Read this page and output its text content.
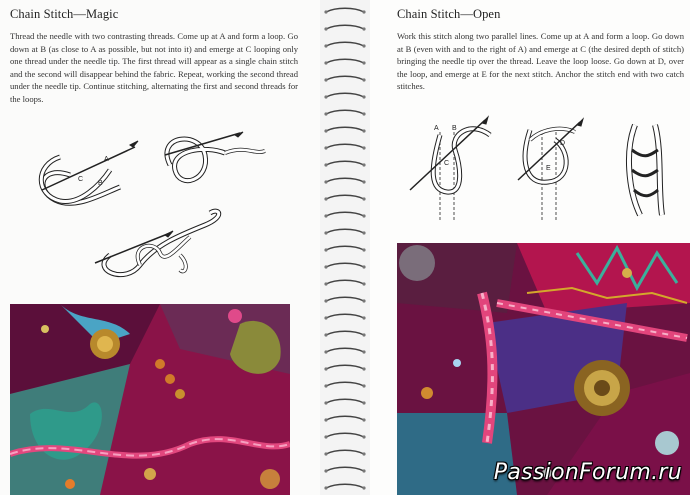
Chain Stitch—Magic
Thread the needle with two contrasting threads. Come up at A and form a loop. Go down at B (as close to A as possible, but not into it) and emerge at C looping only one thread under the needle tip. The first thread will appear as a single chain stitch and the second will disappear behind the fabric. Repeat, working the second thread under the needle tip. Continue stitching, alternating the first and second threads for the loops.
A
C
B
Chain Stitch—Open
Work this stitch along two parallel lines. Come up at A and form a loop. Go down at B (even with and to the right of A) and emerge at C (the desired depth of stitch) bringing the needle tip over the thread. Leave the loop loose. Go down at D, over the loop, and emerge at E for the next stitch. Anchor the stitch end with two catch stitches.
A B
C
D
E
PassionForum.ru
